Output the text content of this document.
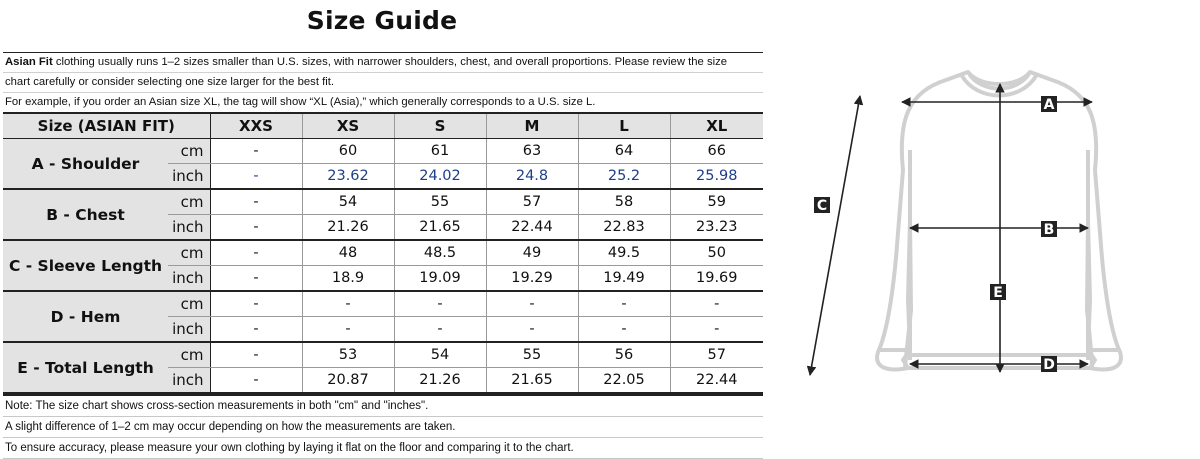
Size Guide
Asian Fit clothing usually runs 1–2 sizes smaller than U.S. sizes, with narrower shoulders, chest, and overall proportions. Please review the size
chart carefully or consider selecting one size larger for the best fit.
For example, if you order an Asian size XL, the tag will show “XL (Asia),” which generally corresponds to a U.S. size L.
Size (ASIAN FIT)		XXS	XS	S	M	L	XL
A - Shoulder	cm	-	60	61	63	64	66
	inch	-	23.62	24.02	24.8	25.2	25.98
B - Chest	cm	-	54	55	57	58	59
	inch	-	21.26	21.65	22.44	22.83	23.23
C - Sleeve Length	cm	-	48	48.5	49	49.5	50
	inch	-	18.9	19.09	19.29	19.49	19.69
D - Hem	cm	-	-	-	-	-	-
	inch	-	-	-	-	-	-
E - Total Length	cm	-	53	54	55	56	57
	inch	-	20.87	21.26	21.65	22.05	22.44
Note: The size chart shows cross-section measurements in both "cm" and "inches".
A slight difference of 1–2 cm may occur depending on how the measurements are taken.
To ensure accuracy, please measure your own clothing by laying it flat on the floor and comparing it to the chart.
A
B
C
D
E
